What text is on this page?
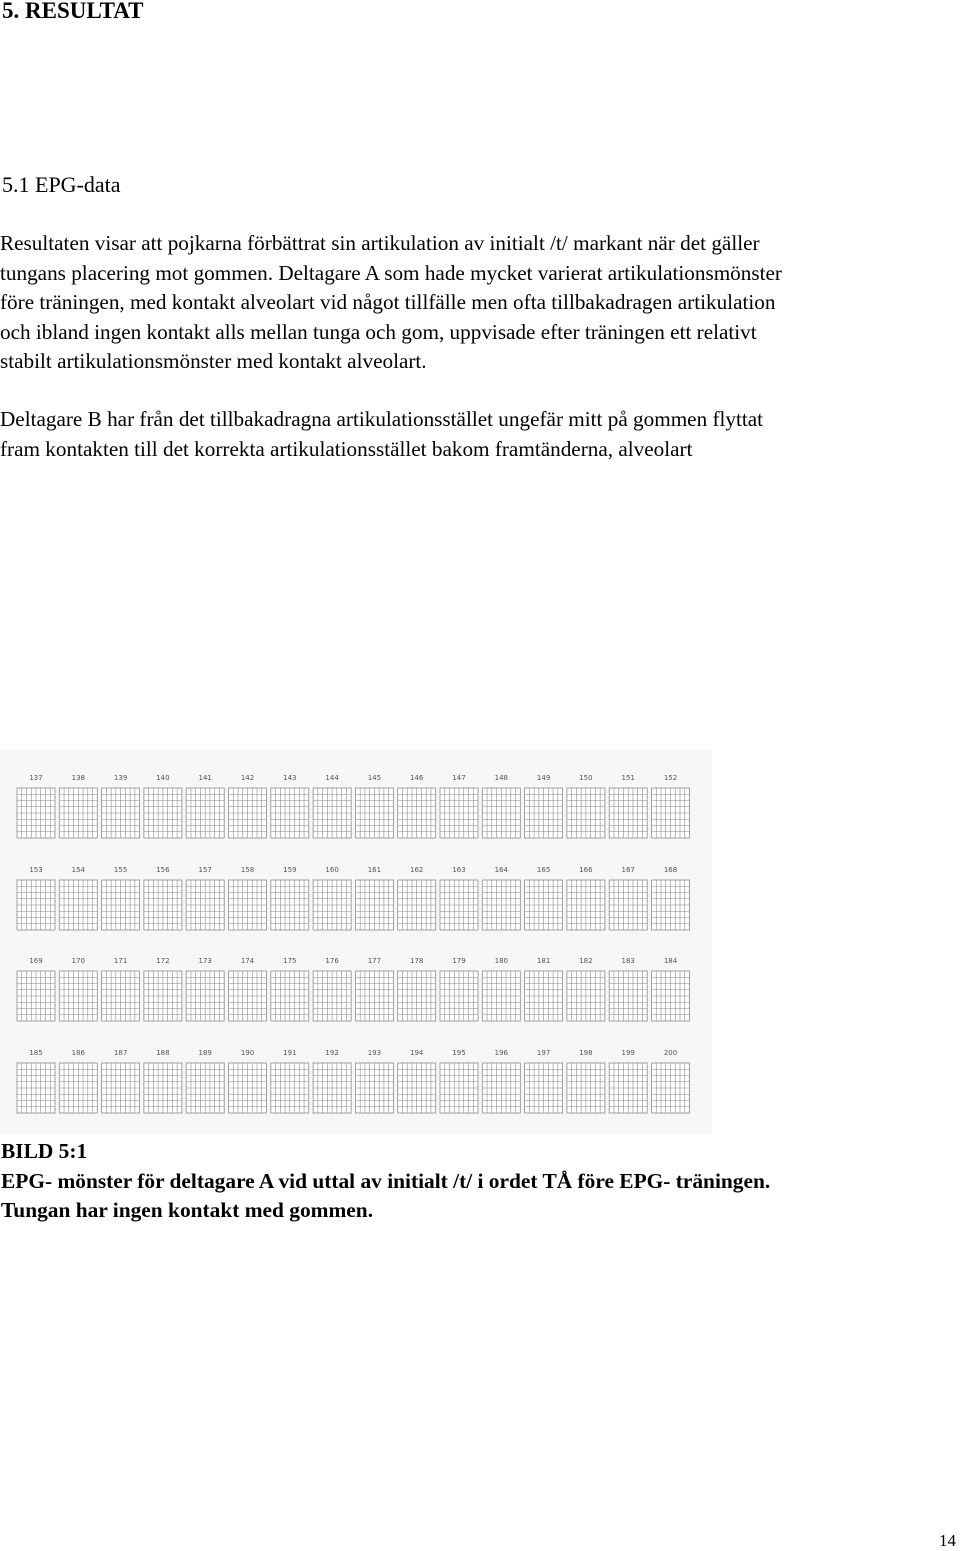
5. RESULTAT
5.1 EPG-data

Resultaten visar att pojkarna förbättrat sin artikulation av initialt /t/ markant när det gäller
tungans placering mot gommen. Deltagare A som hade mycket varierat artikulationsmönster
före träningen, med kontakt alveolart vid något tillfälle men ofta tillbakadragen artikulation
och ibland ingen kontakt alls mellan tunga och gom, uppvisade efter träningen ett relativt
stabilt artikulationsmönster med kontakt alveolart.

Deltagare B har från det tillbakadragna artikulationsstället ungefär mitt på gommen flyttat
fram kontakten till det korrekta artikulationsstället bakom framtänderna, alveolart

137	138	139	140	141	142	143	144	145	146	147	148	149	150	151	152
153	154	155	156	157	158	159	160	161	162	163	164	165	166	167	168
169	170	171	172	173	174	175	176	177	178	179	180	181	182	183	184
185	186	187	188	189	190	191	192	193	194	195	196	197	198	199	200
BILD 5:1
EPG- mönster för deltagare A vid uttal av initialt /t/ i ordet TÅ före EPG- träningen.
Tungan har ingen kontakt med gommen.
14
